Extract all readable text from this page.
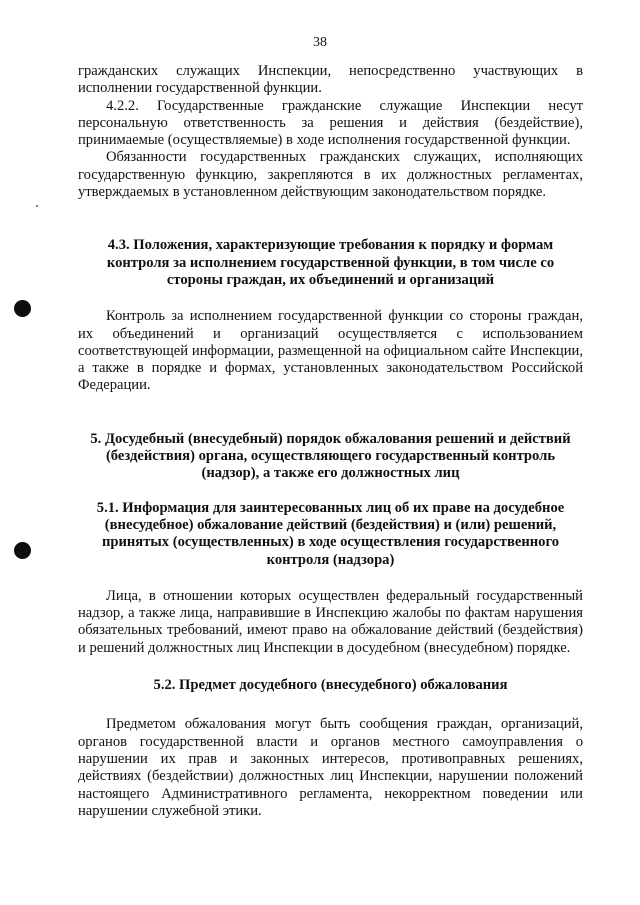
38

гражданских служащих Инспекции, непосредственно участвующих в исполнении государственной функции.

4.2.2. Государственные гражданские служащие Инспекции несут персональную ответственность за решения и действия (бездействие), принимаемые (осуществляемые) в ходе исполнения государственной функции.

Обязанности государственных гражданских служащих, исполняющих государственную функцию, закрепляются в их должностных регламентах, утверждаемых в установленном действующим законодательством порядке.

4.3. Положения, характеризующие требования к порядку и формам контроля за исполнением государственной функции, в том числе со стороны граждан, их объединений и организаций

Контроль за исполнением государственной функции со стороны граждан, их объединений и организаций осуществляется с использованием соответствующей информации, размещенной на официальном сайте Инспекции, а также в порядке и формах, установленных законодательством Российской Федерации.

5. Досудебный (внесудебный) порядок обжалования решений и действий (бездействия) органа, осуществляющего государственный контроль (надзор), а также его должностных лиц

5.1. Информация для заинтересованных лиц об их праве на досудебное (внесудебное) обжалование действий (бездействия) и (или) решений, принятых (осуществленных) в ходе осуществления государственного контроля (надзора)

Лица, в отношении которых осуществлен федеральный государственный надзор, а также лица, направившие в Инспекцию жалобы по фактам нарушения обязательных требований, имеют право на обжалование действий (бездействия) и решений должностных лиц Инспекции в досудебном (внесудебном) порядке.

5.2. Предмет досудебного (внесудебного) обжалования

Предметом обжалования могут быть сообщения граждан, организаций, органов государственной власти и органов местного самоуправления о нарушении их прав и законных интересов, противоправных решениях, действиях (бездействии) должностных лиц Инспекции, нарушении положений настоящего Административного регламента, некорректном поведении или нарушении служебной этики.
